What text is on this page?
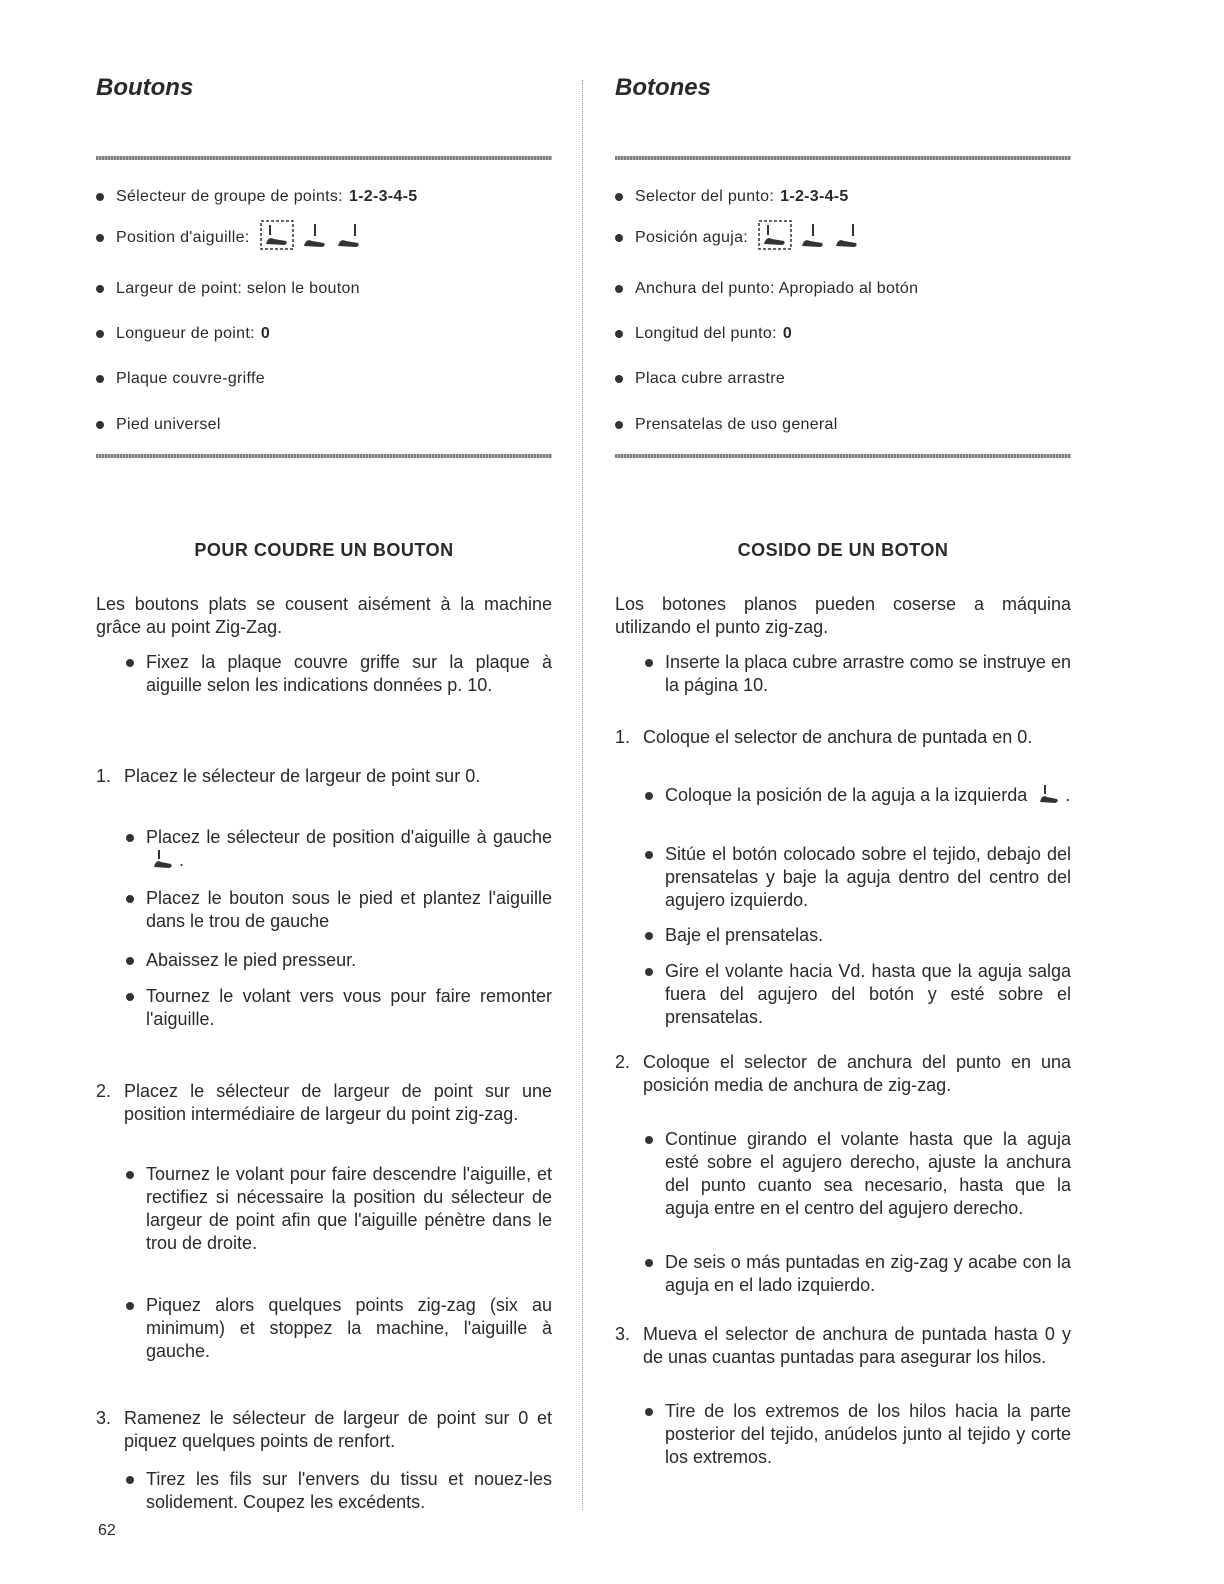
Boutons
Sélecteur de groupe de points: 1-2-3-4-5
Position d'aiguille:
Largeur de point: selon le bouton
Longueur de point: 0
Plaque couvre-griffe
Pied universel
POUR COUDRE UN BOUTON

Les boutons plats se cousent aisément à la machine grâce au point Zig-Zag.

Fixez la plaque couvre griffe sur la plaque à aiguille selon les indications données p. 10.

1. Placez le sélecteur de largeur de point sur 0.

Placez le sélecteur de position d'aiguille à gauche  .

Placez le bouton sous le pied et plantez l'aiguille dans le trou de gauche

Abaissez le pied presseur.

Tournez le volant vers vous pour faire remonter l'aiguille.

2. Placez le sélecteur de largeur de point sur une position intermédiaire de largeur du point zig-zag.

Tournez le volant pour faire descendre l'aiguille, et rectifiez si nécessaire la position du sélecteur de largeur de point afin que l'aiguille pénètre dans le trou de droite.

Piquez alors quelques points zig-zag (six au minimum) et stoppez la machine, l'aiguille à gauche.

3. Ramenez le sélecteur de largeur de point sur 0 et piquez quelques points de renfort.

Tirez les fils sur l'envers du tissu et nouez-les solidement. Coupez les excédents.

Botones
Selector del punto: 1-2-3-4-5
Posición aguja:
Anchura del punto: Apropiado al botón
Longitud del punto: 0
Placa cubre arrastre
Prensatelas de uso general
COSIDO DE UN BOTON

Los botones planos pueden coserse a máquina utilizando el punto zig-zag.

Inserte la placa cubre arrastre como se instruye en la página 10.

1. Coloque el selector de anchura de puntada en 0.

Coloque la posición de la aguja a la izquierda .

Sitúe el botón colocado sobre el tejido, debajo del prensatelas y baje la aguja dentro del centro del agujero izquierdo.

Baje el prensatelas.

Gire el volante hacia Vd. hasta que la aguja salga fuera del agujero del botón y esté sobre el prensatelas.

2. Coloque el selector de anchura del punto en una posición media de anchura de zig-zag.

Continue girando el volante hasta que la aguja esté sobre el agujero derecho, ajuste la anchura del punto cuanto sea necesario, hasta que la aguja entre en el centro del agujero derecho.

De seis o más puntadas en zig-zag y acabe con la aguja en el lado izquierdo.

3. Mueva el selector de anchura de puntada hasta 0 y de unas cuantas puntadas para asegurar los hilos.

Tire de los extremos de los hilos hacia la parte posterior del tejido, anúdelos junto al tejido y corte los extremos.

62
